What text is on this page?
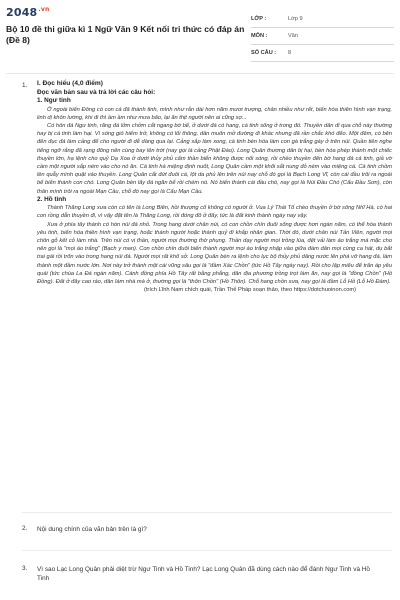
$2048^{.vn}$
Bộ 10 đề thi giữa kì 1 Ngữ Văn 9 Kết nối tri thức có đáp án (Đề 8)
LỚP :	Lớp 9
MÔN :	Văn
SỐ CÂU :	8
1. I. Đọc hiểu (4,0 điểm)
Đọc văn bản sau và trả lời các câu hỏi:
1. Ngư tinh

Ở ngoài biển Đông có con cá đã thành tinh, mình như rắn dài hơn năm mươi trượng, chân nhiều như rết, biến hóa thiên hình vạn trạng, linh dị khôn lường, khi đi thì ầm ầm như mưa bão, lại ăn thịt người nên ai cũng sợ...

Có hôn đá Ngư tinh, răng đá lởm chởm cắt ngang bờ bể, ở dưới đá có hang, cá tinh sống ở trong đó. Thuyền dân đi qua chỗ này thường hay bị cá tinh làm hại. Vì sóng gió hiểm trở, không có lối thông, dân muốn mở đường đi khác nhưng đã rần chắc khó đếo. Một đêm, có bên đến đục đá làm cảng để cho người đi dễ dàng qua lại. Cảng sắp làm xong, cá tinh bèn hóa làm con gà trắng gáy ở trên núi. Quần tiên nghe tiếng ngỡ rằng đã rạng đông nên cùng bay lên trời (nay gọi là cảng Phật Đào). Long Quân thương dân bị hại, bèn hóa phép thành một chiếc thuyền lớn, hạ lệnh cho quỷ Dạ Xoa ở dưới thủy phủ cấm thần biển không được nổi sóng, rồi chèo thuyền đến bờ hang đá cá tinh, giả vờ cầm một người sắp ném vào cho nó ăn. Cá tinh há miệng định nuốt, Long Quân cầm một khối sắt nung đỏ ném vào miệng cá. Cá tinh chồm lên quẫy mình quật vào thuyền. Long Quân cắt đứt đuôi cá, lột da phủ lên trên núi nay chỗ đó gọi là Bạch Long Vĩ, còn cái đầu trôi ra ngoài bể biến thành con chó. Long Quân bèn lấy đá ngăn bể rồi chém nó. Nó biến thành cái đầu chó, nay gọi là Núi Đầu Chó (Cẩu Đầu Sơn), còn thân mình trôi ra ngoài Mạn Cầu, chỗ đó nay gọi là Cẩu Mạn Cầu.

2. Hồ tinh

Thành Thăng Long xưa còn có tên là Long Biên, hồi thượng cổ không có người ở. Vua Lý Thái Tổ chèo thuyền ở bờ sông Nhĩ Hà, có hai con rồng dẫn thuyền đi, vì vậy đặt tên là Thăng Long, rồi đóng đô ở đấy, tức là đất kinh thành ngày nay vậy.

Xưa ở phía tây thành có hòn núi đá nhỏ. Trong hang dưới chân núi, có con chồn chín đuôi sống được hơn ngàn năm, có thể hóa thành yêu tinh, biến hóa thiên hình vạn trạng, hoặc thành người hoặc thành quỷ đi khắp nhân gian. Thời đó, dưới chân núi Tản Viên, người mọi chôn gỗ kết cỏ làm nhà. Trên núi có vị thần, người mọi thường thờ phụng. Thần dạy người mọi trồng lúa, dệt vải làm áo trắng mà mặc cho nên gọi là "mọi áo trắng" (Bạch y man). Con chồn chín đuôi biến thành người mọi áo trắng nhập vào giữa đám dân mọi cùng ca hát, dụ bắt trai gái rồi trốn vào trong hang núi đá. Người mọi rất khổ sở. Long Quân bèn ra lệnh cho lục bộ thủy phủ dâng nước lên phá vỡ hang đá, làm thành một đầm nước lớn. Nơi này trở thành một cái vũng sâu gọi là "đầm Xác Chồn" (tức Hồ Tây ngày nay). Rồi cho lập miếu để trấn áp yêu quái (tức chùa La Đá ngàn năm). Cánh đồng phía Hồ Tây rất bằng phẳng, dân địa phương trồng trọt làm ăn, nay gọi là "đồng Chồn" (Hồ Đồng). Đất ở đây cao ráo, dân làm nhà mà ở, thường gọi là "thôn Chồn" (Hồ Thôn). Chỗ hang chồn xưa, nay gọi là đầm Lỗ Hồ (Lỗ Hồ Đàm).

(trích Lĩnh Nam chích quái, Trần Thế Pháp soạn thảo, theo https://dotchuoinon.com)
2. Nội dung chính của văn bản trên là gì?
3. Vì sao Lạc Long Quân phải diệt trừ Ngư Tinh và Hồ Tinh? Lạc Long Quân đã dùng cách nào để đánh Ngư Tinh và Hồ Tinh
